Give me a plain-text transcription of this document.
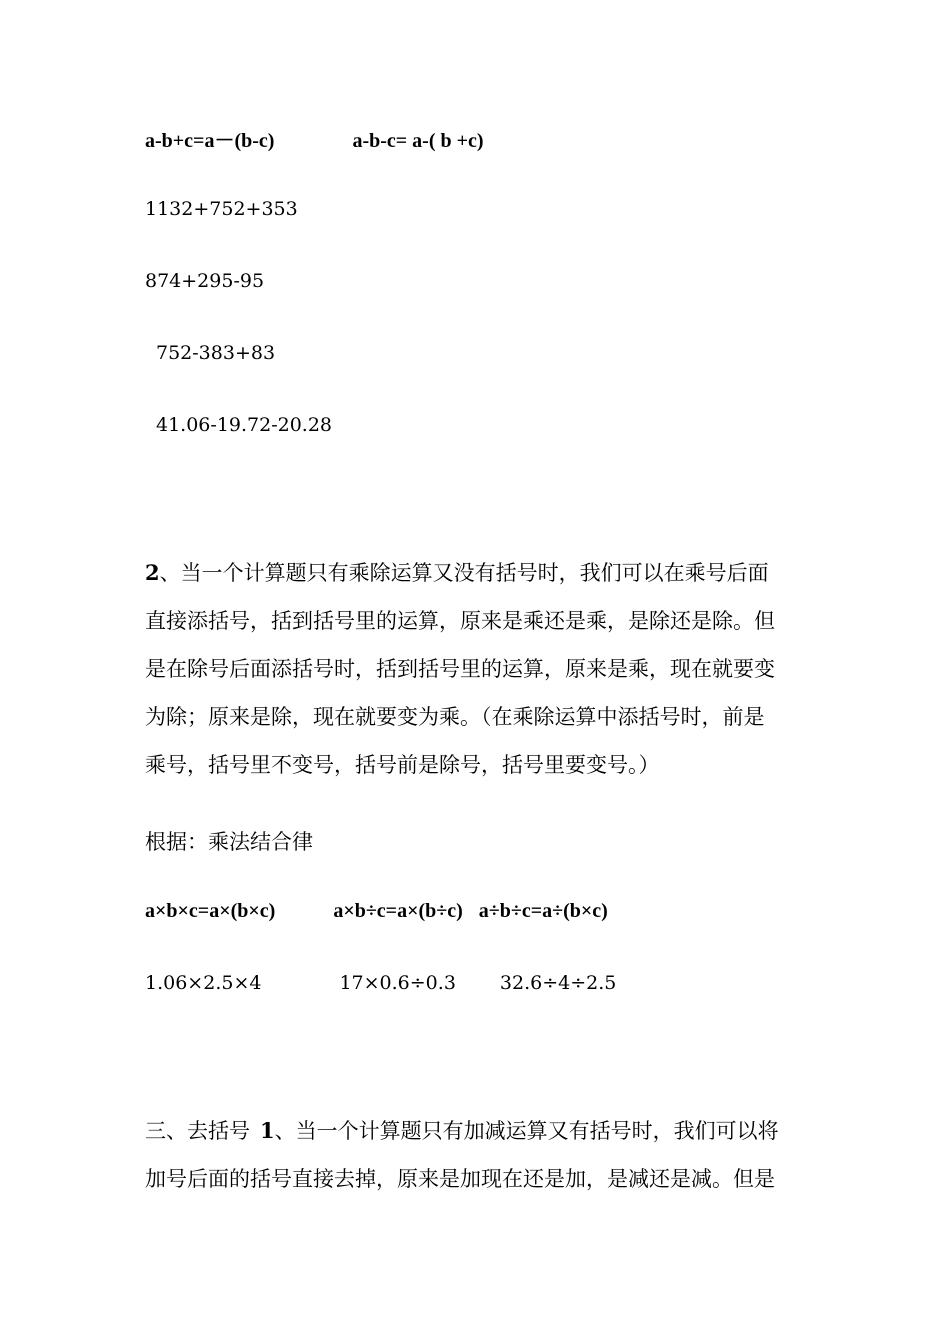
a-b+c=a－(b-c)	a-b-c= a-( b +c)
1132+752+353
874+295-95
752-383+83
41.06-19.72-20.28
2、当一个计算题只有乘除运算又没有括号时，我们可以在乘号后面
直接添括号，括到括号里的运算，原来是乘还是乘，是除还是除。但
是在除号后面添括号时，括到括号里的运算，原来是乘，现在就要变
为除；原来是除，现在就要变为乘。（在乘除运算中添括号时，前是
乘号，括号里不变号，括号前是除号，括号里要变号。）
根据：乘法结合律
a×b×c=a×(b×c)	a×b÷c=a×(b÷c) a÷b÷c=a÷(b×c)
1.06×2.5×4	17×0.6÷0.3 32.6÷4÷2.5
三、去括号 1、当一个计算题只有加减运算又有括号时，我们可以将
加号后面的括号直接去掉，原来是加现在还是加，是减还是减。但是
